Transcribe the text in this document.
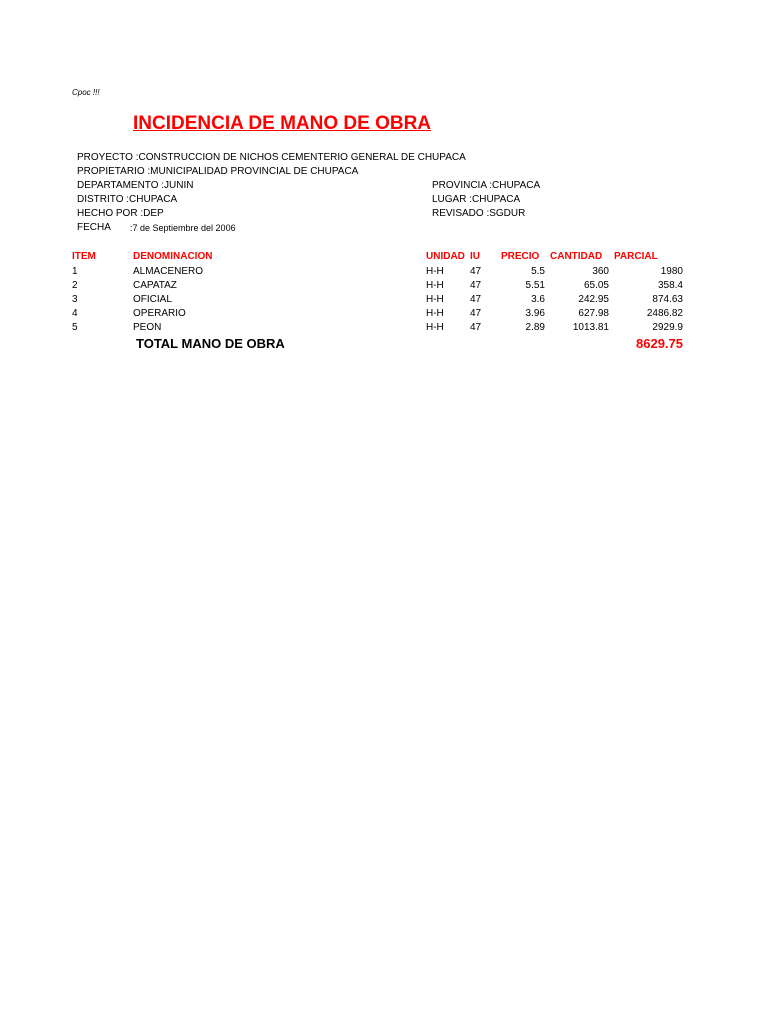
Cpoc !!!
INCIDENCIA DE MANO DE OBRA
PROYECTO :CONSTRUCCION DE NICHOS CEMENTERIO GENERAL DE CHUPACA
PROPIETARIO :MUNICIPALIDAD PROVINCIAL DE CHUPACA
DEPARTAMENTO :JUNIN	PROVINCIA :CHUPACA
DISTRITO :CHUPACA	LUGAR :CHUPACA
HECHO POR :DEP	REVISADO :SGDUR
FECHA :7 de Septiembre del 2006
ITEM	DENOMINACION	UNIDAD IU PRECIO CANTIDAD PARCIAL
1	ALMACENERO	H-H	47	5.5	360	1980
2	CAPATAZ	H-H	47	5.51	65.05	358.4
3	OFICIAL	H-H	47	3.6	242.95	874.63
4	OPERARIO	H-H	47	3.96	627.98	2486.82
5	PEON	H-H	47	2.89	1013.81	2929.9
TOTAL MANO DE OBRA	8629.75
